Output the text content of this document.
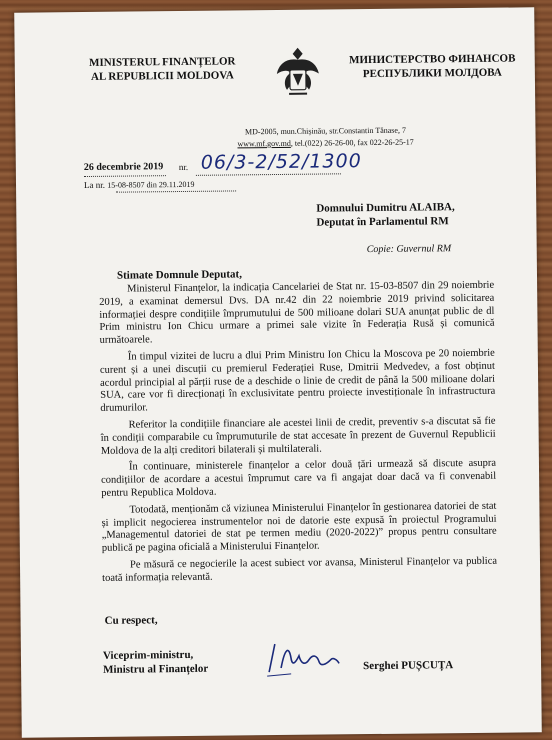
MINISTERUL FINANȚELOR
AL REPUBLICII MOLDOVA
МИНИСТЕРСТВО ФИНАНСОВ
РЕСПУБЛИКИ МОЛДОВА
MD-2005, mun.Chișinău, str.Constantin Tănase, 7
www.mf.gov.md, tel.(022) 26-26-00, fax 022-26-25-17
26 decembrie 2019 nr. 06/3-2/52/1300
La nr. 15-08-8507 din 29.11.2019
Domnului Dumitru ALAIBA,
Deputat în Parlamentul RM
Copie: Guvernul RM
Stimate Domnule Deputat,

Ministerul Finanțelor, la indicația Cancelariei de Stat nr. 15-03-8507 din 29 noiembrie 2019, a examinat demersul Dvs. DA nr.42 din 22 noiembrie 2019 privind solicitarea informației despre condițiile împrumutului de 500 milioane dolari SUA anunțat public de dl Prim ministru Ion Chicu urmare a primei sale vizite în Federația Rusă și comunică următoarele.

În timpul vizitei de lucru a dlui Prim Ministru Ion Chicu la Moscova pe 20 noiembrie curent și a unei discuții cu premierul Federației Ruse, Dmitrii Medvedev, a fost obținut acordul principial al părții ruse de a deschide o linie de credit de până la 500 milioane dolari SUA, care vor fi direcționați în exclusivitate pentru proiecte investiționale în infrastructura drumurilor.

Referitor la condițiile financiare ale acestei linii de credit, preventiv s-a discutat să fie în condiții comparabile cu împrumuturile de stat accesate în prezent de Guvernul Republicii Moldova de la alți creditori bilaterali și multilaterali.

În continuare, ministerele finanțelor a celor două țări urmează să discute asupra condițiilor de acordare a acestui împrumut care va fi angajat doar dacă va fi convenabil pentru Republica Moldova.

Totodată, menționăm că viziunea Ministerului Finanțelor în gestionarea datoriei de stat și implicit negocierea instrumentelor noi de datorie este expusă în proiectul Programului „Managementul datoriei de stat pe termen mediu (2020-2022)” propus pentru consultare publică pe pagina oficială a Ministerului Finanțelor.

Pe măsură ce negocierile la acest subiect vor avansa, Ministerul Finanțelor va publica toată informația relevantă.

Cu respect,
Viceprim-ministru,
Ministru al Finanțelor	Serghei PUȘCUȚA
